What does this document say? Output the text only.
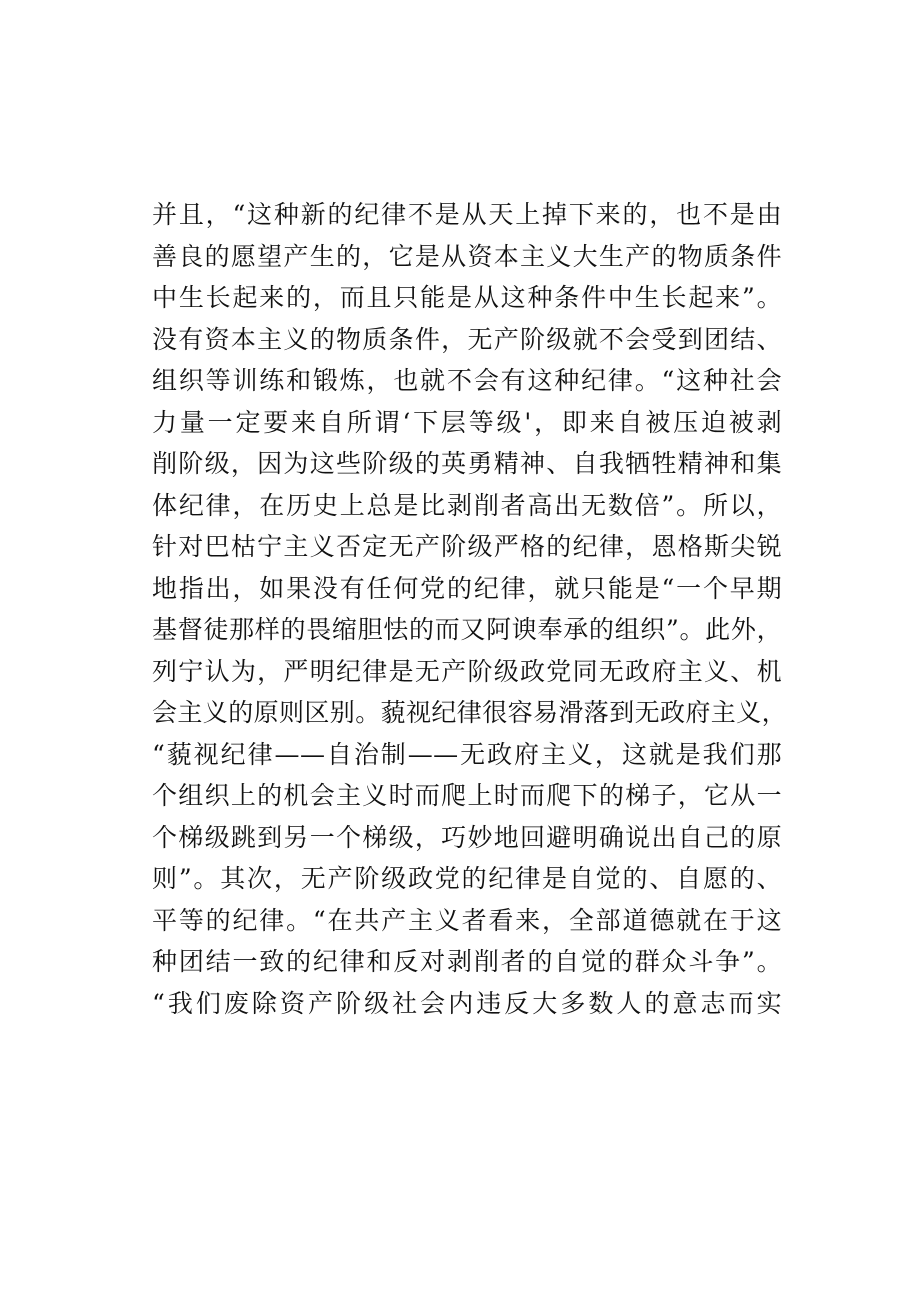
并且，“这种新的纪律不是从天上掉下来的，也不是由
善良的愿望产生的，它是从资本主义大生产的物质条件
中生长起来的，而且只能是从这种条件中生长起来”。
没有资本主义的物质条件，无产阶级就不会受到团结、
组织等训练和锻炼，也就不会有这种纪律。“这种社会
力量一定要来自所谓‘下层等级'，即来自被压迫被剥
削阶级，因为这些阶级的英勇精神、自我牺牲精神和集
体纪律，在历史上总是比剥削者高出无数倍”。所以，
针对巴枯宁主义否定无产阶级严格的纪律，恩格斯尖锐
地指出，如果没有任何党的纪律，就只能是“一个早期
基督徒那样的畏缩胆怯的而又阿谀奉承的组织”。此外，
列宁认为，严明纪律是无产阶级政党同无政府主义、机
会主义的原则区别。藐视纪律很容易滑落到无政府主义，
“藐视纪律——自治制——无政府主义，这就是我们那
个组织上的机会主义时而爬上时而爬下的梯子，它从一
个梯级跳到另一个梯级，巧妙地回避明确说出自己的原
则”。其次，无产阶级政党的纪律是自觉的、自愿的、
平等的纪律。“在共产主义者看来，全部道德就在于这
种团结一致的纪律和反对剥削者的自觉的群众斗争”。
“我们废除资产阶级社会内违反大多数人的意志而实
